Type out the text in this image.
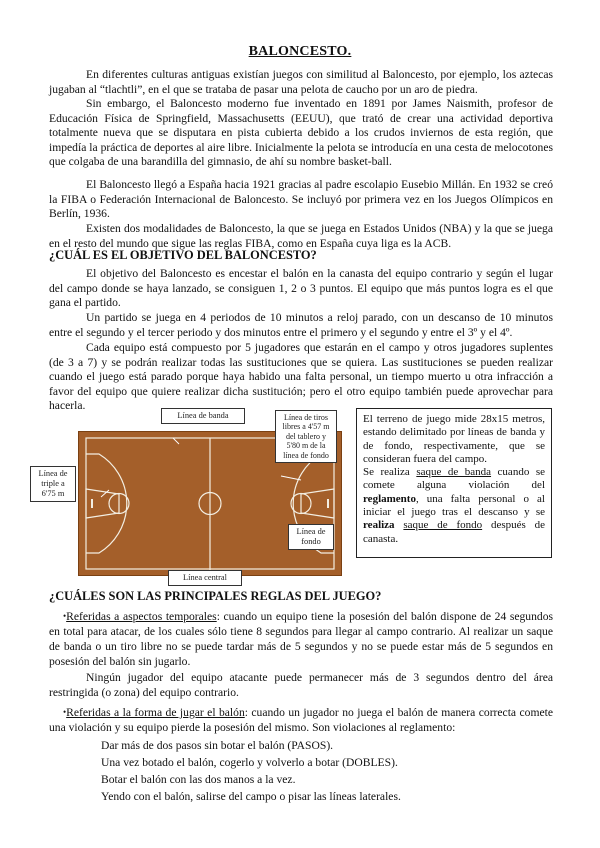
BALONCESTO.

En diferentes culturas antiguas existían juegos con similitud al Baloncesto, por ejemplo, los aztecas jugaban al “tlachtli”, en el que se trataba de pasar una pelota de caucho por un aro de piedra.

Sin embargo, el Baloncesto moderno fue inventado en 1891 por James Naismith, profesor de Educación Física de Springfield, Massachusetts (EEUU), que trató de crear una actividad deportiva totalmente nueva que se disputara en pista cubierta debido a los crudos inviernos de esta región, que impedía la práctica de deportes al aire libre. Inicialmente la pelota se introducía en una cesta de melocotones que colgaba de una barandilla del gimnasio, de ahí su nombre basket-ball.

El Baloncesto llegó a España hacia 1921 gracias al padre escolapio Eusebio Millán. En 1932 se creó la FIBA o Federación Internacional de Baloncesto. Se incluyó por primera vez en los Juegos Olímpicos en Berlín, 1936.

Existen dos modalidades de Baloncesto, la que se juega en Estados Unidos (NBA) y la que se juega en el resto del mundo que sigue las reglas FIBA, como en España cuya liga es la ACB.

¿CUÁL ES EL OBJETIVO DEL BALONCESTO?

El objetivo del Baloncesto es encestar el balón en la canasta del equipo contrario y según el lugar del campo donde se haya lanzado, se consiguen 1, 2 o 3 puntos. El equipo que más puntos logra es el que gana el partido.

Un partido se juega en 4 periodos de 10 minutos a reloj parado, con un descanso de 10 minutos entre el segundo y el tercer periodo y dos minutos entre el primero y el segundo y entre el 3º y el 4º.

Cada equipo está compuesto por 5 jugadores que estarán en el campo y otros jugadores suplentes (de 3 a 7) y se podrán realizar todas las sustituciones que se quiera. Las sustituciones se pueden realizar cuando el juego está parado porque haya habido una falta personal, un tiempo muerto u otra infracción a favor del equipo que quiere realizar dicha sustitución; pero el otro equipo también puede aprovechar para hacerla.

Línea de banda	Línea de tiros libres a 4'57 m del tablero y 5'80 m de la línea de fondo
Línea de triple a 6'75 m
Línea de fondo
Línea central

El terreno de juego mide 28x15 metros, estando delimitado por líneas de banda y de fondo, respectivamente, que se consideran fuera del campo.

Se realiza saque de banda cuando se comete alguna violación del reglamento, una falta personal o al iniciar el juego tras el descanso y se realiza saque de fondo después de canasta.

¿CUÁLES SON LAS PRINCIPALES REGLAS DEL JUEGO?

•Referidas a aspectos temporales: cuando un equipo tiene la posesión del balón dispone de 24 segundos en total para atacar, de los cuales sólo tiene 8 segundos para llegar al campo contrario. Al realizar un saque de banda o un tiro libre no se puede tardar más de 5 segundos y no se puede estar más de 5 segundos en posesión del balón sin jugarlo.

Ningún jugador del equipo atacante puede permanecer más de 3 segundos dentro del área restringida (o zona) del equipo contrario.

•Referidas a la forma de jugar el balón: cuando un jugador no juega el balón de manera correcta comete una violación y su equipo pierde la posesión del mismo. Son violaciones al reglamento:

Dar más de dos pasos sin botar el balón (PASOS).
Una vez botado el balón, cogerlo y volverlo a botar (DOBLES).
Botar el balón con las dos manos a la vez.
Yendo con el balón, salirse del campo o pisar las líneas laterales.
